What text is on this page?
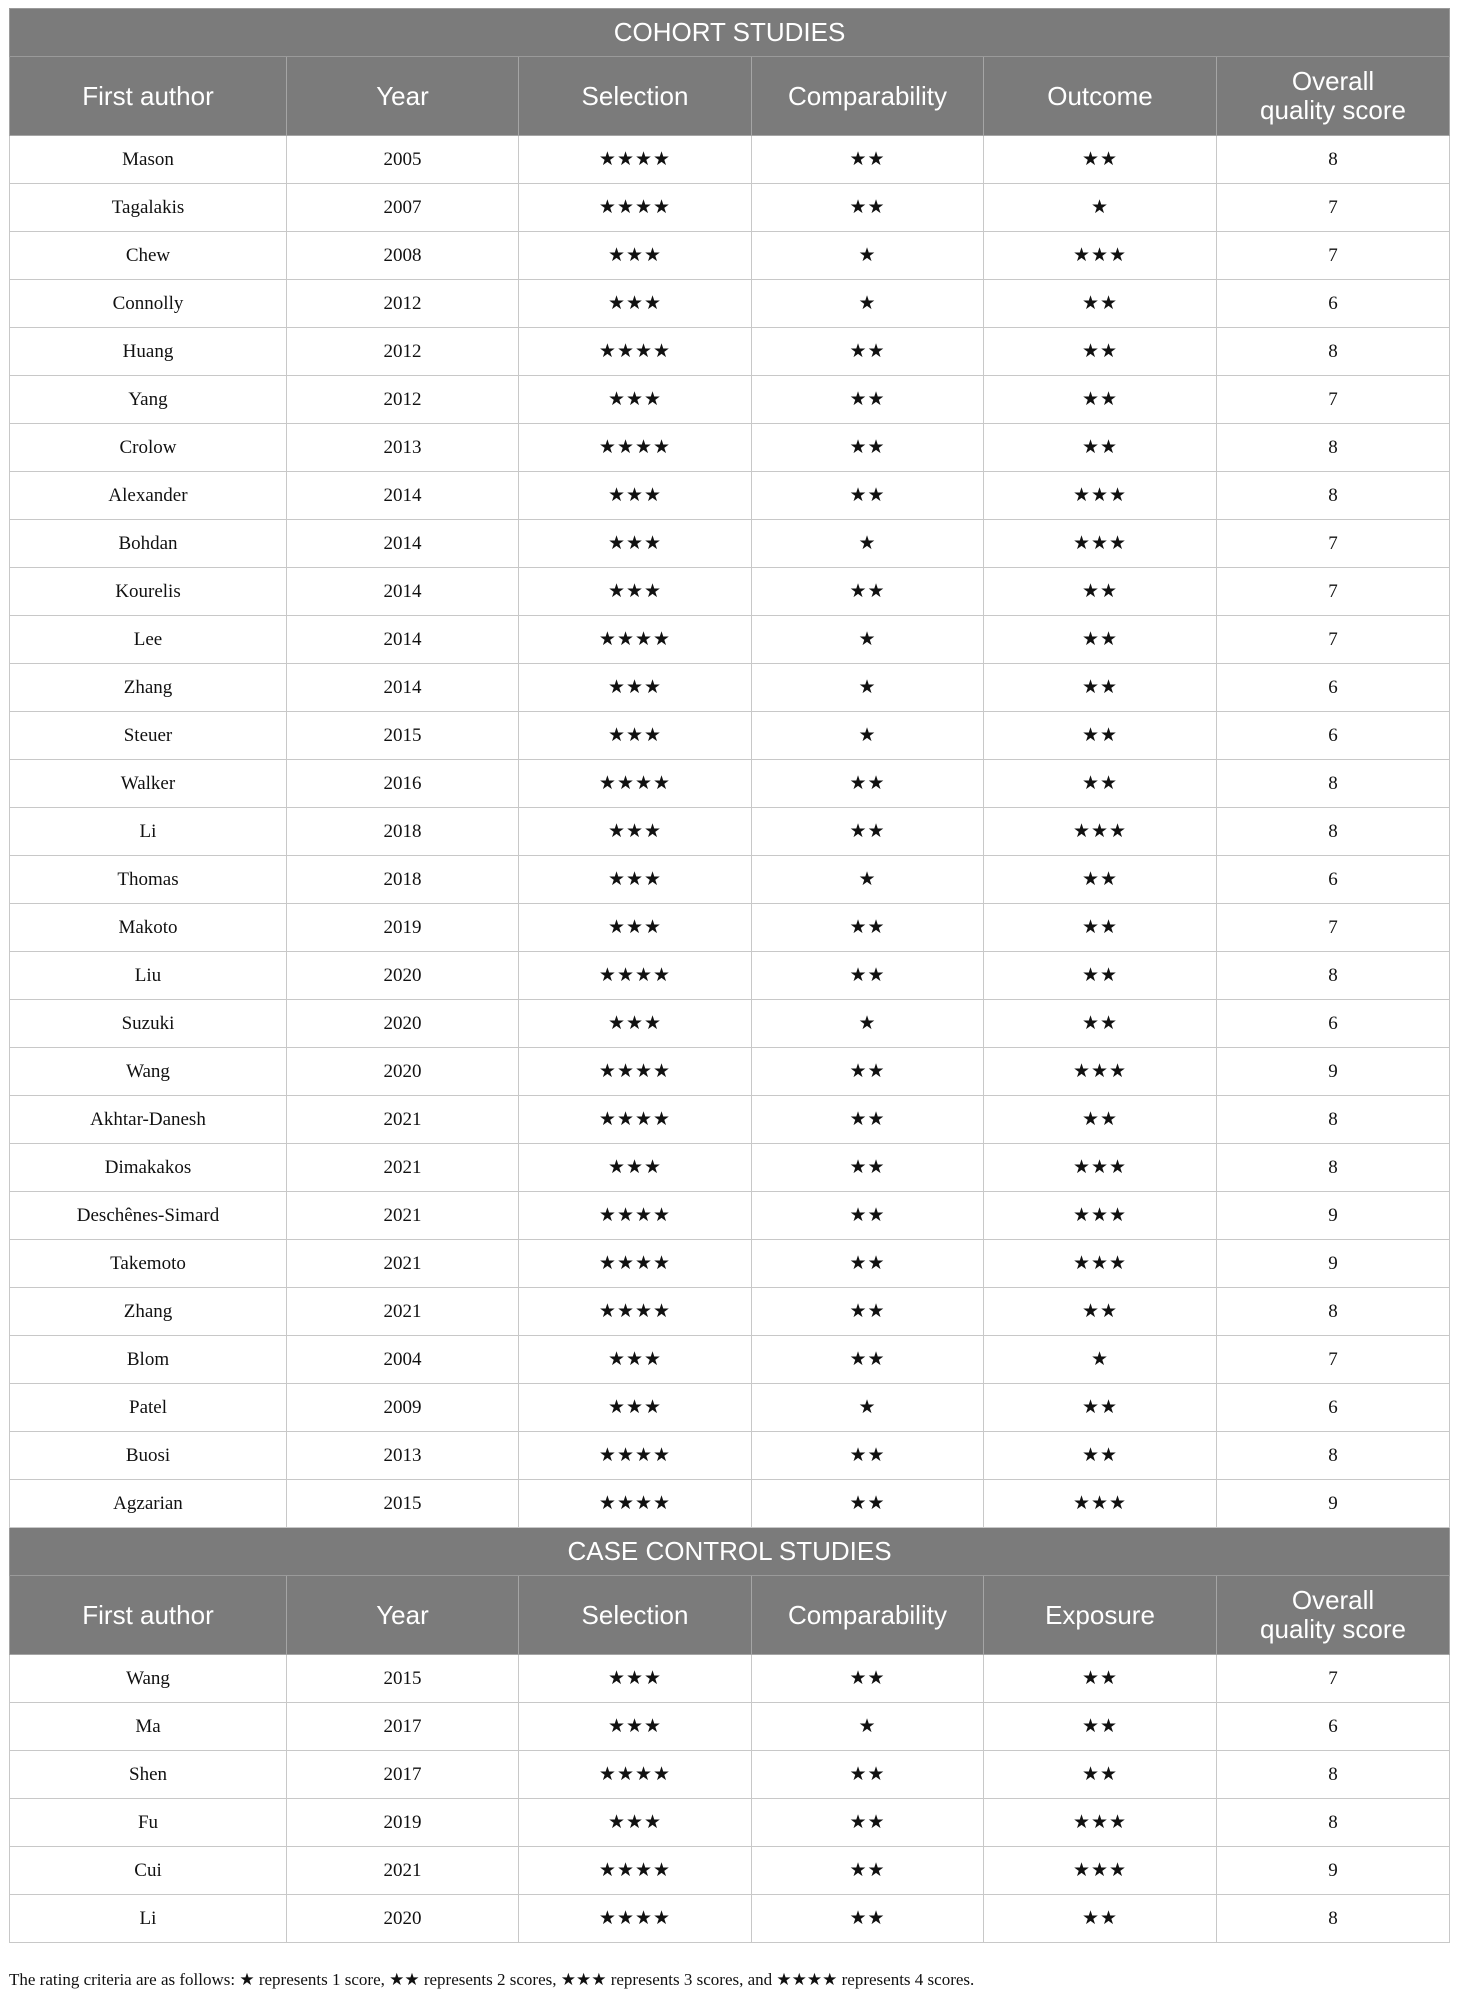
COHORT STUDIES					
First author	Year	Selection	Comparability	Outcome	Overall quality score
Mason	2005	★★★★	★★	★★	8
Tagalakis	2007	★★★★	★★	★	7
Chew	2008	★★★	★	★★★	7
Connolly	2012	★★★	★	★★	6
Huang	2012	★★★★	★★	★★	8
Yang	2012	★★★	★★	★★	7
Crolow	2013	★★★★	★★	★★	8
Alexander	2014	★★★	★★	★★★	8
Bohdan	2014	★★★	★	★★★	7
Kourelis	2014	★★★	★★	★★	7
Lee	2014	★★★★	★	★★	7
Zhang	2014	★★★	★	★★	6
Steuer	2015	★★★	★	★★	6
Walker	2016	★★★★	★★	★★	8
Li	2018	★★★	★★	★★★	8
Thomas	2018	★★★	★	★★	6
Makoto	2019	★★★	★★	★★	7
Liu	2020	★★★★	★★	★★	8
Suzuki	2020	★★★	★	★★	6
Wang	2020	★★★★	★★	★★★	9
Akhtar-Danesh	2021	★★★★	★★	★★	8
Dimakakos	2021	★★★	★★	★★★	8
Deschênes-Simard	2021	★★★★	★★	★★★	9
Takemoto	2021	★★★★	★★	★★★	9
Zhang	2021	★★★★	★★	★★	8
Blom	2004	★★★	★★	★	7
Patel	2009	★★★	★	★★	6
Buosi	2013	★★★★	★★	★★	8
Agzarian	2015	★★★★	★★	★★★	9
CASE CONTROL STUDIES					
First author	Year	Selection	Comparability	Exposure	Overall quality score
Wang	2015	★★★	★★	★★	7
Ma	2017	★★★	★	★★	6
Shen	2017	★★★★	★★	★★	8
Fu	2019	★★★	★★	★★★	8
Cui	2021	★★★★	★★	★★★	9
Li	2020	★★★★	★★	★★	8
The rating criteria are as follows: ★ represents 1 score, ★★ represents 2 scores, ★★★ represents 3 scores, and ★★★★ represents 4 scores.
